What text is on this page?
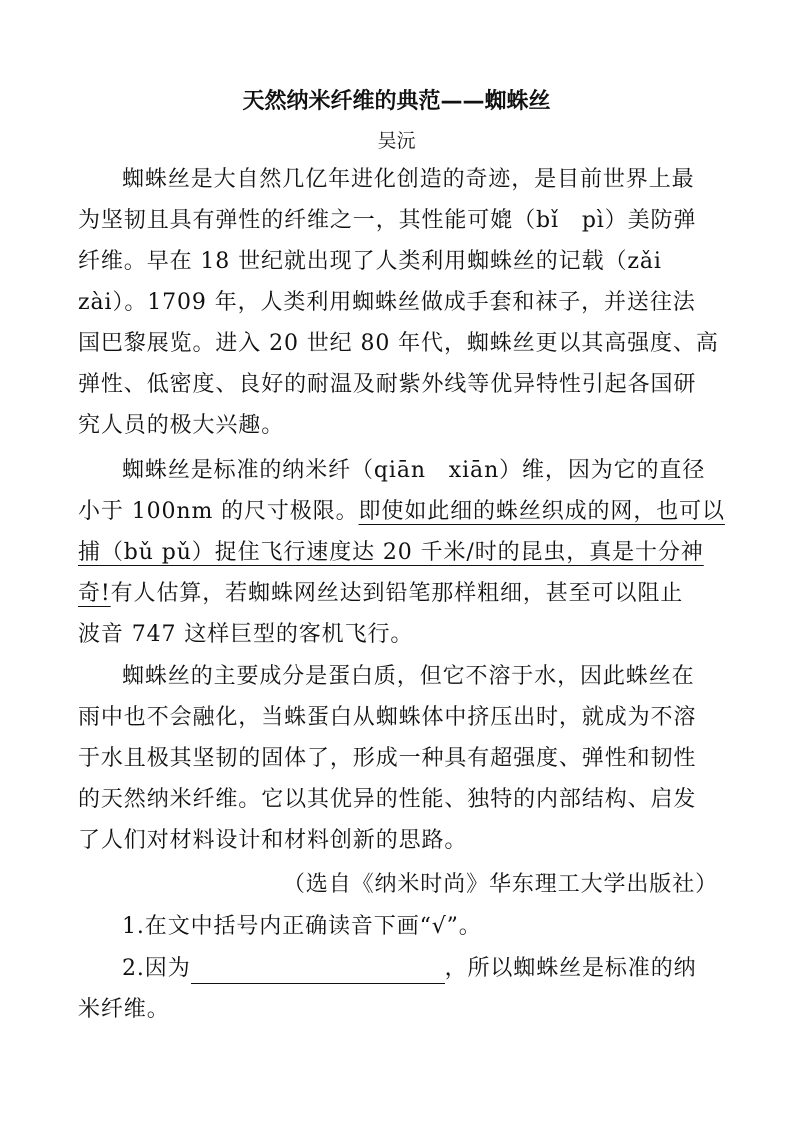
天然纳米纤维的典范——蜘蛛丝
吴沅
蜘蛛丝是大自然几亿年进化创造的奇迹，是目前世界上最
为坚韧且具有弹性的纤维之一，其性能可媲（bǐ　pì）美防弹
纤维。早在 18 世纪就出现了人类利用蜘蛛丝的记载（zǎi
zài）。1709 年，人类利用蜘蛛丝做成手套和袜子，并送往法
国巴黎展览。进入 20 世纪 80 年代，蜘蛛丝更以其高强度、高
弹性、低密度、良好的耐温及耐紫外线等优异特性引起各国研
究人员的极大兴趣。
蜘蛛丝是标准的纳米纤（qiān　xiān）维，因为它的直径
小于 100nm 的尺寸极限。即使如此细的蛛丝织成的网，也可以
捕（bǔ pǔ）捉住飞行速度达 20 千米/时的昆虫，真是十分神
奇!有人估算，若蜘蛛网丝达到铅笔那样粗细，甚至可以阻止
波音 747 这样巨型的客机飞行。
蜘蛛丝的主要成分是蛋白质，但它不溶于水，因此蛛丝在
雨中也不会融化，当蛛蛋白从蜘蛛体中挤压出时，就成为不溶
于水且极其坚韧的固体了，形成一种具有超强度、弹性和韧性
的天然纳米纤维。它以其优异的性能、独特的内部结构、启发
了人们对材料设计和材料创新的思路。
（选自《纳米时尚》华东理工大学出版社）
1.在文中括号内正确读音下画“√”。
2.因为	，所以蜘蛛丝是标准的纳
米纤维。
